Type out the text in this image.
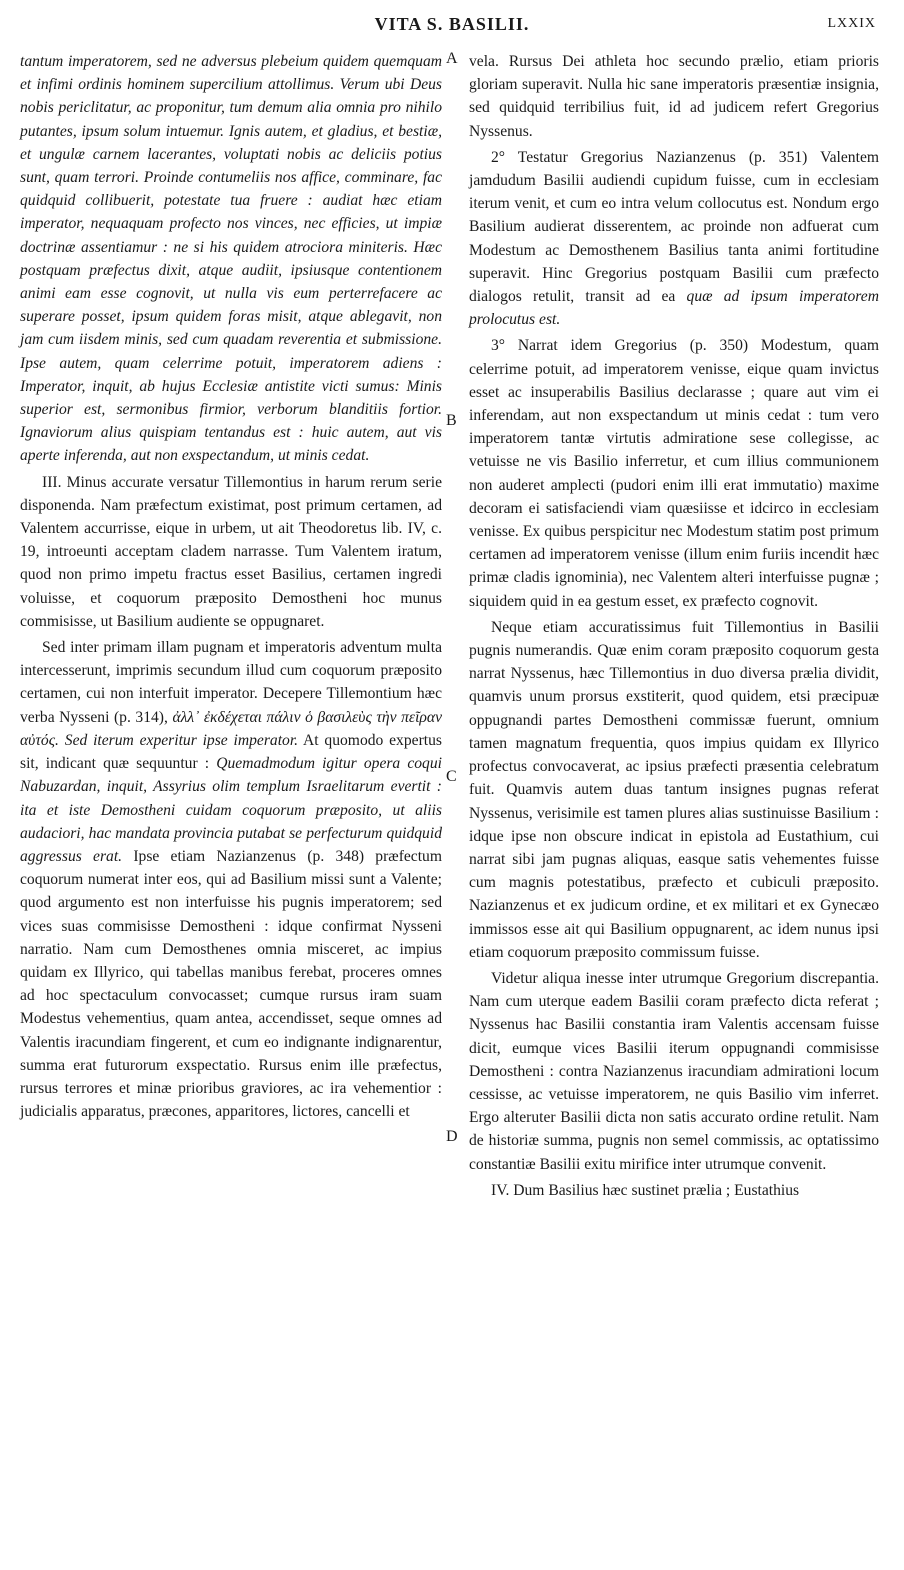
VITA S. BASILII.	LXXIX
A
B
C
D

tantum imperatorem, sed ne adversus plebeium quidem quemquam et infimi ordinis hominem supercilium attollimus. Verum ubi Deus nobis periclitatur, ac proponitur, tum demum alia omnia pro nihilo putantes, ipsum solum intuemur. Ignis autem, et gladius, et bestiæ, et ungulæ carnem lacerantes, voluptati nobis ac deliciis potius sunt, quam terrori. Proinde contumeliis nos affice, comminare, fac quidquid collibuerit, potestate tua fruere : audiat hæc etiam imperator, nequaquam profecto nos vinces, nec efficies, ut impiæ doctrinæ assentiamur : ne si his quidem atrociora miniteris. Hæc postquam præfectus dixit, atque audiit, ipsiusque contentionem animi eam esse cognovit, ut nulla vis eum perterrefacere ac superare posset, ipsum quidem foras misit, atque ablegavit, non jam cum iisdem minis, sed cum quadam reverentia et submissione. Ipse autem, quam celerrime potuit, imperatorem adiens : Imperator, inquit, ab hujus Ecclesiæ antistite victi sumus: Minis superior est, sermonibus firmior, verborum blanditiis fortior. Ignaviorum alius quispiam tentandus est : huic autem, aut vis aperte inferenda, aut non exspectandum, ut minis cedat.

III. Minus accurate versatur Tillemontius in harum rerum serie disponenda. Nam præfectum existimat, post primum certamen, ad Valentem accurrisse, eique in urbem, ut ait Theodoretus lib. IV, c. 19, introeunti acceptam cladem narrasse. Tum Valentem iratum, quod non primo impetu fractus esset Basilius, certamen ingredi voluisse, et coquorum præposito Demostheni hoc munus commisisse, ut Basilium audiente se oppugnaret.

Sed inter primam illam pugnam et imperatoris adventum multa intercesserunt, imprimis secundum illud cum coquorum præposito certamen, cui non interfuit imperator. Decepere Tillemontium hæc verba Nysseni (p. 314), ἀλλ᾽ ἐκδέχεται πάλιν ὁ βασιλεὺς τὴν πεῖραν αὐτός. Sed iterum experitur ipse imperator. At quomodo expertus sit, indicant quæ sequuntur : Quemadmodum igitur opera coqui Nabuzardan, inquit, Assyrius olim templum Israelitarum evertit : ita et iste Demostheni cuidam coquorum præposito, ut aliis audaciori, hac mandata provincia putabat se perfecturum quidquid aggressus erat. Ipse etiam Nazianzenus (p. 348) præfectum coquorum numerat inter eos, qui ad Basilium missi sunt a Valente; quod argumento est non interfuisse his pugnis imperatorem; sed vices suas commisisse Demostheni : idque confirmat Nysseni narratio. Nam cum Demosthenes omnia misceret, ac impius quidam ex Illyrico, qui tabellas manibus ferebat, proceres omnes ad hoc spectaculum convocasset; cumque rursus iram suam Modestus vehementius, quam antea, accendisset, seque omnes ad Valentis iracundiam fingerent, et cum eo indignante indignarentur, summa erat futurorum exspectatio. Rursus enim ille præfectus, rursus terrores et minæ prioribus graviores, ac ira vehementior : judicialis apparatus, præcones, apparitores, lictores, cancelli et

vela. Rursus Dei athleta hoc secundo prælio, etiam prioris gloriam superavit. Nulla hic sane imperatoris præsentiæ insignia, sed quidquid terribilius fuit, id ad judicem refert Gregorius Nyssenus.

2° Testatur Gregorius Nazianzenus (p. 351) Valentem jamdudum Basilii audiendi cupidum fuisse, cum in ecclesiam iterum venit, et cum eo intra velum collocutus est. Nondum ergo Basilium audierat disserentem, ac proinde non adfuerat cum Modestum ac Demosthenem Basilius tanta animi fortitudine superavit. Hinc Gregorius postquam Basilii cum præfecto dialogos retulit, transit ad ea quæ ad ipsum imperatorem prolocutus est.

3° Narrat idem Gregorius (p. 350) Modestum, quam celerrime potuit, ad imperatorem venisse, eique quam invictus esset ac insuperabilis Basilius declarasse ; quare aut vim ei inferendam, aut non exspectandum ut minis cedat : tum vero imperatorem tantæ virtutis admiratione sese collegisse, ac vetuisse ne vis Basilio inferretur, et cum illius communionem non auderet amplecti (pudori enim illi erat immutatio) maxime decoram ei satisfaciendi viam quæsiisse et idcirco in ecclesiam venisse. Ex quibus perspicitur nec Modestum statim post primum certamen ad imperatorem venisse (illum enim furiis incendit hæc primæ cladis ignominia), nec Valentem alteri interfuisse pugnæ ; siquidem quid in ea gestum esset, ex præfecto cognovit.

Neque etiam accuratissimus fuit Tillemontius in Basilii pugnis numerandis. Quæ enim coram præposito coquorum gesta narrat Nyssenus, hæc Tillemontius in duo diversa prælia dividit, quamvis unum prorsus exstiterit, quod quidem, etsi præcipuæ oppugnandi partes Demostheni commissæ fuerunt, omnium tamen magnatum frequentia, quos impius quidam ex Illyrico profectus convocaverat, ac ipsius præfecti præsentia celebratum fuit. Quamvis autem duas tantum insignes pugnas referat Nyssenus, verisimile est tamen plures alias sustinuisse Basilium : idque ipse non obscure indicat in epistola ad Eustathium, cui narrat sibi jam pugnas aliquas, easque satis vehementes fuisse cum magnis potestatibus, præfecto et cubiculi præposito. Nazianzenus et ex judicum ordine, et ex militari et ex Gynecæo immissos esse ait qui Basilium oppugnarent, ac idem nunus ipsi etiam coquorum præposito commissum fuisse.

Videtur aliqua inesse inter utrumque Gregorium discrepantia. Nam cum uterque eadem Basilii coram præfecto dicta referat ; Nyssenus hac Basilii constantia iram Valentis accensam fuisse dicit, eumque vices Basilii iterum oppugnandi commisisse Demostheni : contra Nazianzenus iracundiam admirationi locum cessisse, ac vetuisse imperatorem, ne quis Basilio vim inferret. Ergo alteruter Basilii dicta non satis accurato ordine retulit. Nam de historiæ summa, pugnis non semel commissis, ac optatissimo constantiæ Basilii exitu mirifice inter utrumque convenit.

IV. Dum Basilius hæc sustinet prælia ; Eustathius
